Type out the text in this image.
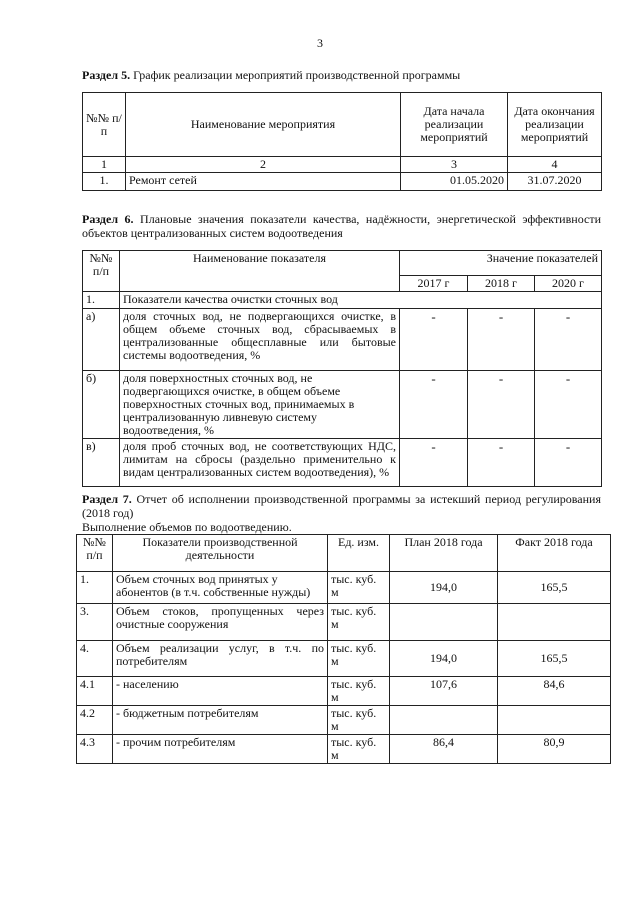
3
Раздел 5. График реализации мероприятий производственной программы
№№ п/п	Наименование мероприятия	Дата начала реализации мероприятий	Дата окончания реализации мероприятий
1	2	3	4
1.	Ремонт сетей	01.05.2020	31.07.2020
Раздел 6. Плановые значения показатели качества, надёжности, энергетической эффективности объектов централизованных систем водоотведения
№№ п/п	Наименование показателя	Значение показателей		
		2017 г	2018 г	2020 г
1.	Показатели качества очистки сточных вод			
а)	доля сточных вод, не подвергающихся очистке, в общем объеме сточных вод, сбрасываемых в централизованные общесплавные или бытовые системы водоотведения, %	-	-	-
б)	доля поверхностных сточных вод, не подвергающихся очистке, в общем объеме поверхностных сточных вод, принимаемых в централизованную ливневую систему водоотведения, %	-	-	-
в)	доля проб сточных вод, не соответствующих НДС, лимитам на сбросы (раздельно применительно к видам централизованных систем водоотведения), %	-	-	-
Раздел 7. Отчет об исполнении производственной программы за истекший период регулирования (2018 год)
Выполнение объемов по водоотведению.
№№ п/п	Показатели производственной деятельности	Ед. изм.	План 2018 года	Факт 2018 года
1.	Объем сточных вод принятых у абонентов (в т.ч. собственные нужды)	тыс. куб. м	194,0	165,5
3.	Объем стоков, пропущенных через очистные сооружения	тыс. куб. м		
4.	Объем реализации услуг, в т.ч. по потребителям	тыс. куб. м	194,0	165,5
4.1	- населению	тыс. куб. м	107,6	84,6
4.2	- бюджетным потребителям	тыс. куб. м		
4.3	- прочим потребителям	тыс. куб. м	86,4	80,9
